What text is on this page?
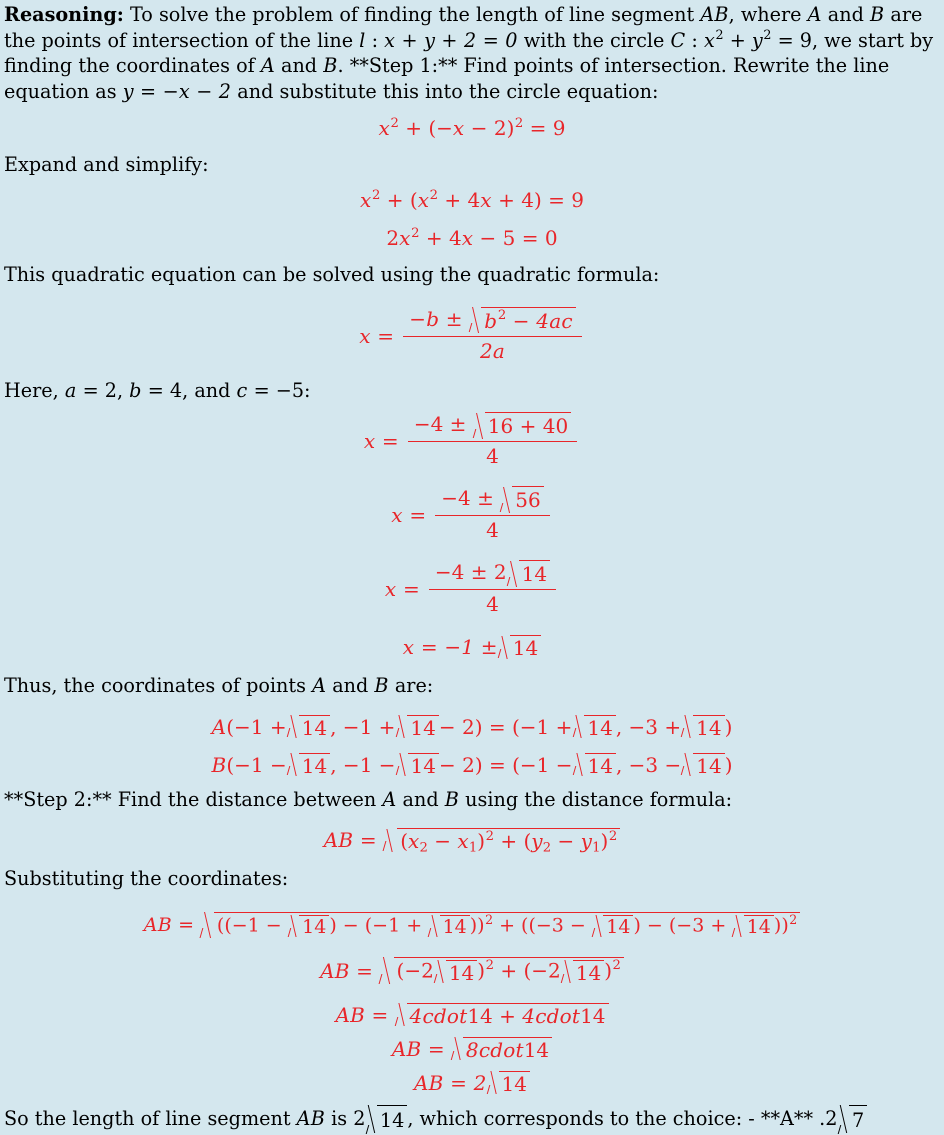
Reasoning: To solve the problem of finding the length of line segment AB, where A and B are the points of intersection of the line l : x + y + 2 = 0 with the circle C : $x^2 + y^2 = 9$, we start by finding the coordinates of A and B. **Step 1:** Find points of intersection. Rewrite the line equation as y = −x − 2 and substitute this into the circle equation:

$x^2 + (-x - 2)^2 = 9$

Expand and simplify:

$x^2 + (x^2 + 4x + 4) = 9$
$2x^2 + 4x - 5 = 0$

This quadratic equation can be solved using the quadratic formula:

$x = \frac{-b \pm b^2 - 4ac}{2a}$

Here, a = 2, b = 4, and c = −5:

$x = \frac{-4 \pm 16 + 40}{4}$
$x = \frac{-4 \pm 56}{4}$
$x = \frac{-4 \pm 2 14}{4}$
x = −1 ± 14

Thus, the coordinates of points A and B are:

A (−1 + 14 , −1 + 14 − 2) = (−1 + 14 , −3 + 14 )
B (−1 − 14 , −1 − 14 − 2) = (−1 − 14 , −3 − 14 )

**Step 2:** Find the distance between A and B using the distance formula:

AB = $(x_2 - x_1)^2 + (y_2 - y_1)^2$

Substituting the coordinates:

AB = ((−1 − 14 ) − (−1 + 14 ))$^2$ + ((−3 − 14 ) − (−3 + 14 ))$^2$
AB = (−2 14 )$^2$ + (−2 14 )$^2$
AB = 4cdot14 + 4cdot14
AB = 8cdot14
AB = 2 14

So the length of line segment AB is 2 14 , which corresponds to the choice: - **A** .2 7
